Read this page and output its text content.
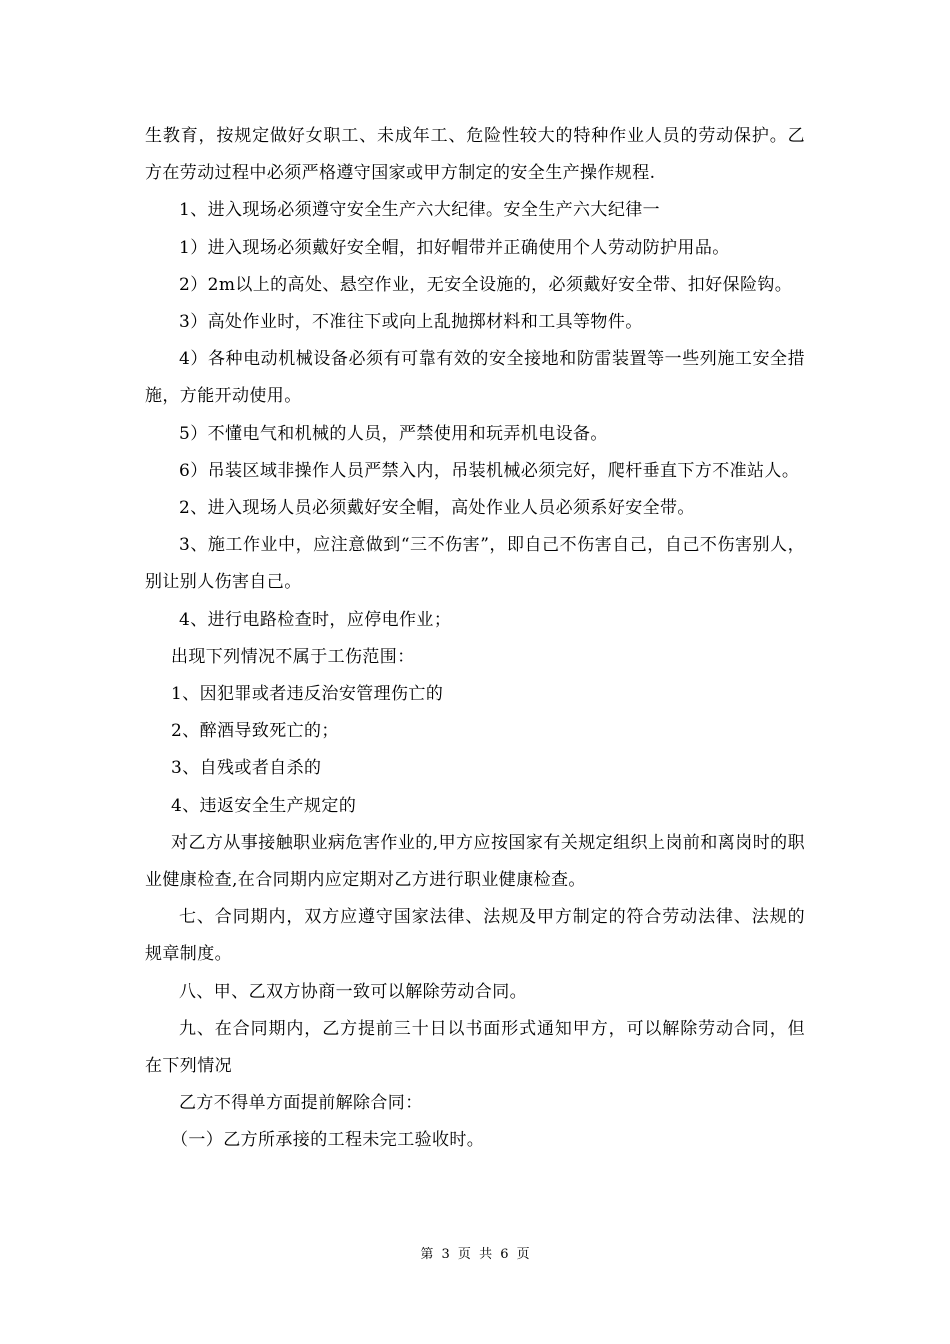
生教育，按规定做好女职工、未成年工、危险性较大的特种作业人员的劳动保护。乙方在劳动过程中必须严格遵守国家或甲方制定的安全生产操作规程.

1、进入现场必须遵守安全生产六大纪律。安全生产六大纪律一

1）进入现场必须戴好安全帽，扣好帽带并正确使用个人劳动防护用品。

2）2m以上的高处、悬空作业，无安全设施的，必须戴好安全带、扣好保险钩。

3）高处作业时，不准往下或向上乱抛掷材料和工具等物件。

4）各种电动机械设备必须有可靠有效的安全接地和防雷装置等一些列施工安全措施，方能开动使用。

5）不懂电气和机械的人员，严禁使用和玩弄机电设备。

6）吊装区域非操作人员严禁入内，吊装机械必须完好，爬杆垂直下方不准站人。

2、进入现场人员必须戴好安全帽，高处作业人员必须系好安全带。

3、施工作业中，应注意做到“三不伤害”，即自己不伤害自己，自己不伤害别人，别让别人伤害自己。

4、进行电路检查时，应停电作业；

出现下列情况不属于工伤范围：

1、因犯罪或者违反治安管理伤亡的

2、醉酒导致死亡的；

3、自残或者自杀的

4、违返安全生产规定的

对乙方从事接触职业病危害作业的,甲方应按国家有关规定组织上岗前和离岗时的职业健康检查,在合同期内应定期对乙方进行职业健康检查。

七、合同期内，双方应遵守国家法律、法规及甲方制定的符合劳动法律、法规的规章制度。

八、甲、乙双方协商一致可以解除劳动合同。

九、在合同期内，乙方提前三十日以书面形式通知甲方，可以解除劳动合同，但在下列情况

乙方不得单方面提前解除合同：

（一）乙方所承接的工程未完工验收时。

第 3 页 共 6 页
